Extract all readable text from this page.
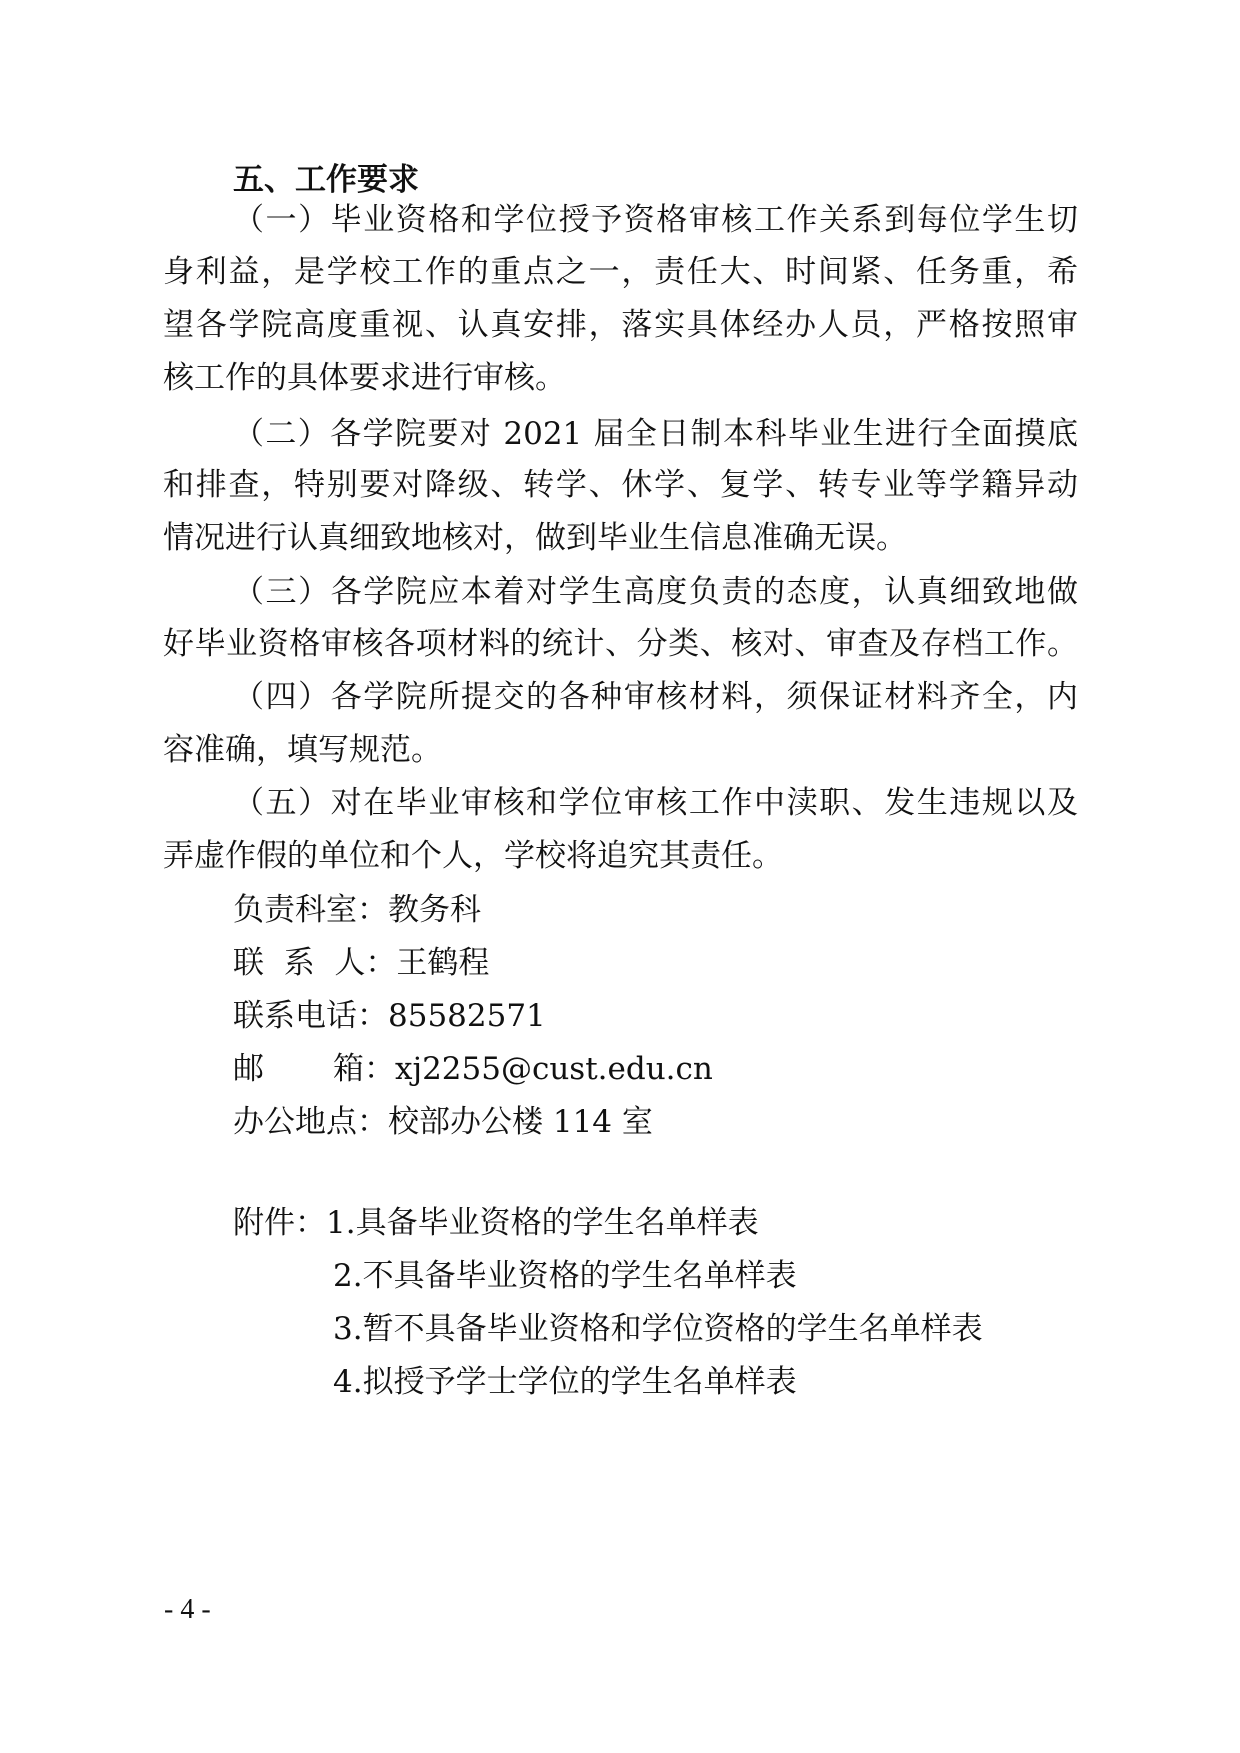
五、工作要求
（一）毕业资格和学位授予资格审核工作关系到每位学生切
身利益，是学校工作的重点之一，责任大、时间紧、任务重，希
望各学院高度重视、认真安排，落实具体经办人员，严格按照审
核工作的具体要求进行审核。
（二）各学院要对 2021 届全日制本科毕业生进行全面摸底
和排查，特别要对降级、转学、休学、复学、转专业等学籍异动
情况进行认真细致地核对，做到毕业生信息准确无误。
（三）各学院应本着对学生高度负责的态度，认真细致地做
好毕业资格审核各项材料的统计、分类、核对、审查及存档工作。
（四）各学院所提交的各种审核材料，须保证材料齐全，内
容准确，填写规范。
（五）对在毕业审核和学位审核工作中渎职、发生违规以及
弄虚作假的单位和个人，学校将追究其责任。
负责科室：教务科
联  系  人：王鹤程
联系电话：85582571
邮       箱：xj2255@cust.edu.cn
办公地点：校部办公楼 114 室
附件：1.具备毕业资格的学生名单样表
2.不具备毕业资格的学生名单样表
3.暂不具备毕业资格和学位资格的学生名单样表
4.拟授予学士学位的学生名单样表
- 4 -
